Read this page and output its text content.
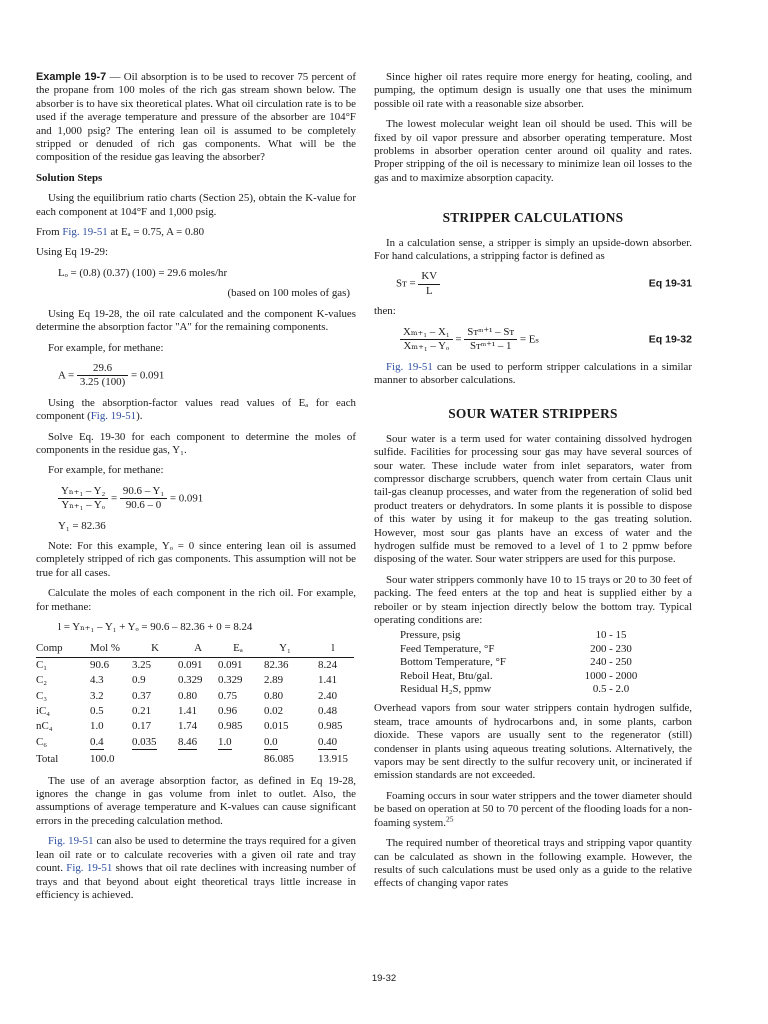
Example 19-7 — Oil absorption is to be used to recover 75 percent of the propane from 100 moles of the rich gas stream shown below. The absorber is to have six theoretical plates. What oil circulation rate is to be used if the average temperature and pressure of the absorber are 104°F and 1,000 psig? The entering lean oil is assumed to be completely stripped or denuded of rich gas components. What will be the composition of the residue gas leaving the absorber?

Solution Steps

Using the equilibrium ratio charts (Section 25), obtain the K-value for each component at 104°F and 1,000 psig.

From Fig. 19-51 at Eₐ = 0.75, A = 0.80

Using Eq 19-29:

Lₒ = (0.8) (0.37) (100) = 29.6 moles/hr
(based on 100 moles of gas)

Using Eq 19-28, the oil rate calculated and the component K-values determine the absorption factor "A" for the remaining components.

For example, for methane:

$A = \frac{29.6}{3.25 (100)} = 0.091$

Using the absorption-factor values read values of Eₐ for each component (Fig. 19-51).

Solve Eq. 19-30 for each component to determine the moles of components in the residue gas, Y₁.

For example, for methane:

$\frac{\text{Yₙ₊₁ – Y₂}}{\text{Yₙ₊₁ – Yₒ}} = \frac{\text{90.6 – Y₁}}{90.6 - 0} = 0.091$
Y₁ = 82.36

Note: For this example, Yₒ = 0 since entering lean oil is assumed completely stripped of rich gas components. This assumption will not be true for all cases.

Calculate the moles of each component in the rich oil. For example, for methane:

l = Yₙ₊₁ – Y₁ + Yₒ = 90.6 – 82.36 + 0 = 8.24
Comp	Mol %	K	A	Eₐ	Y₁	l
C₁	90.6	3.25	0.091	0.091	82.36	8.24
C₂	4.3	0.9	0.329	0.329	2.89	1.41
C₃	3.2	0.37	0.80	0.75	0.80	2.40
iC₄	0.5	0.21	1.41	0.96	0.02	0.48
nC₄	1.0	0.17	1.74	0.985	0.015	0.985
C₆	0.4	0.035	8.46	1.0	0.0	0.40
Total	100.0				86.085	13.915

The use of an average absorption factor, as defined in Eq 19-28, ignores the change in gas volume from inlet to outlet. Also, the assumptions of average temperature and K-values can cause significant errors in the preceding calculation method.

Fig. 19-51 can also be used to determine the trays required for a given lean oil rate or to calculate recoveries with a given oil rate and tray count. Fig. 19-51 shows that oil rate declines with increasing number of trays and that beyond about eight theoretical trays little increase in efficiency is achieved.

Since higher oil rates require more energy for heating, cooling, and pumping, the optimum design is usually one that uses the minimum possible oil rate with a reasonable size absorber.

The lowest molecular weight lean oil should be used. This will be fixed by oil vapor pressure and absorber operating temperature. Most problems in absorber operation center around oil quality and rates. Proper stripping of the oil is necessary to minimize lean oil losses to the gas and to maximize absorption capacity.

STRIPPER CALCULATIONS

In a calculation sense, a stripper is simply an upside-down absorber. For hand calculations, a stripping factor is defined as

Sᴛ = $\frac{KV}{L}$	Eq 19-31
then:
$\frac{\text{Xₘ₊₁ – X₁}}{\text{Xₘ₊₁ – Yₒ}} = \frac{\text{Sᴛᵐ⁺¹ – Sᴛ}}{\text{Sᴛᵐ⁺¹ – 1}} = E_s$	Eq 19-32

Fig. 19-51 can be used to perform stripper calculations in a similar manner to absorber calculations.

SOUR WATER STRIPPERS

Sour water is a term used for water containing dissolved hydrogen sulfide. Facilities for processing sour gas may have several sources of sour water. These include water from inlet separators, water from compressor discharge scrubbers, quench water from certain Claus unit tail-gas cleanup processes, and water from the regeneration of solid bed product treaters or dehydrators. In some plants it is possible to dispose of this water by using it for makeup to the gas treating solution. However, most sour gas plants have an excess of water and the hydrogen sulfide must be removed to a level of 1 to 2 ppmw before disposing of the water. Sour water strippers are used for this purpose.

Sour water strippers commonly have 10 to 15 trays or 20 to 30 feet of packing. The feed enters at the top and heat is supplied either by a reboiler or by steam injection directly below the bottom tray. Typical operating conditions are:

Pressure, psig	10 - 15
Feed Temperature, °F	200 - 230
Bottom Temperature, °F	240 - 250
Reboil Heat, Btu/gal.	1000 - 2000
Residual H₂S, ppmw	0.5 - 2.0

Overhead vapors from sour water strippers contain hydrogen sulfide, steam, trace amounts of hydrocarbons and, in some plants, carbon dioxide. These vapors are usually sent to the regenerator (still) condenser in plants using aqueous treating solutions. Alternatively, the vapors may be sent directly to the sulfur recovery unit, or incinerated if emission standards are not exceeded.

Foaming occurs in sour water strippers and the tower diameter should be based on operation at 50 to 70 percent of the flooding loads for a non-foaming system.$^{25}$

The required number of theoretical trays and stripping vapor quantity can be calculated as shown in the following example. However, the results of such calculations must be used only as a guide to the relative effects of changing vapor rates

19-32
